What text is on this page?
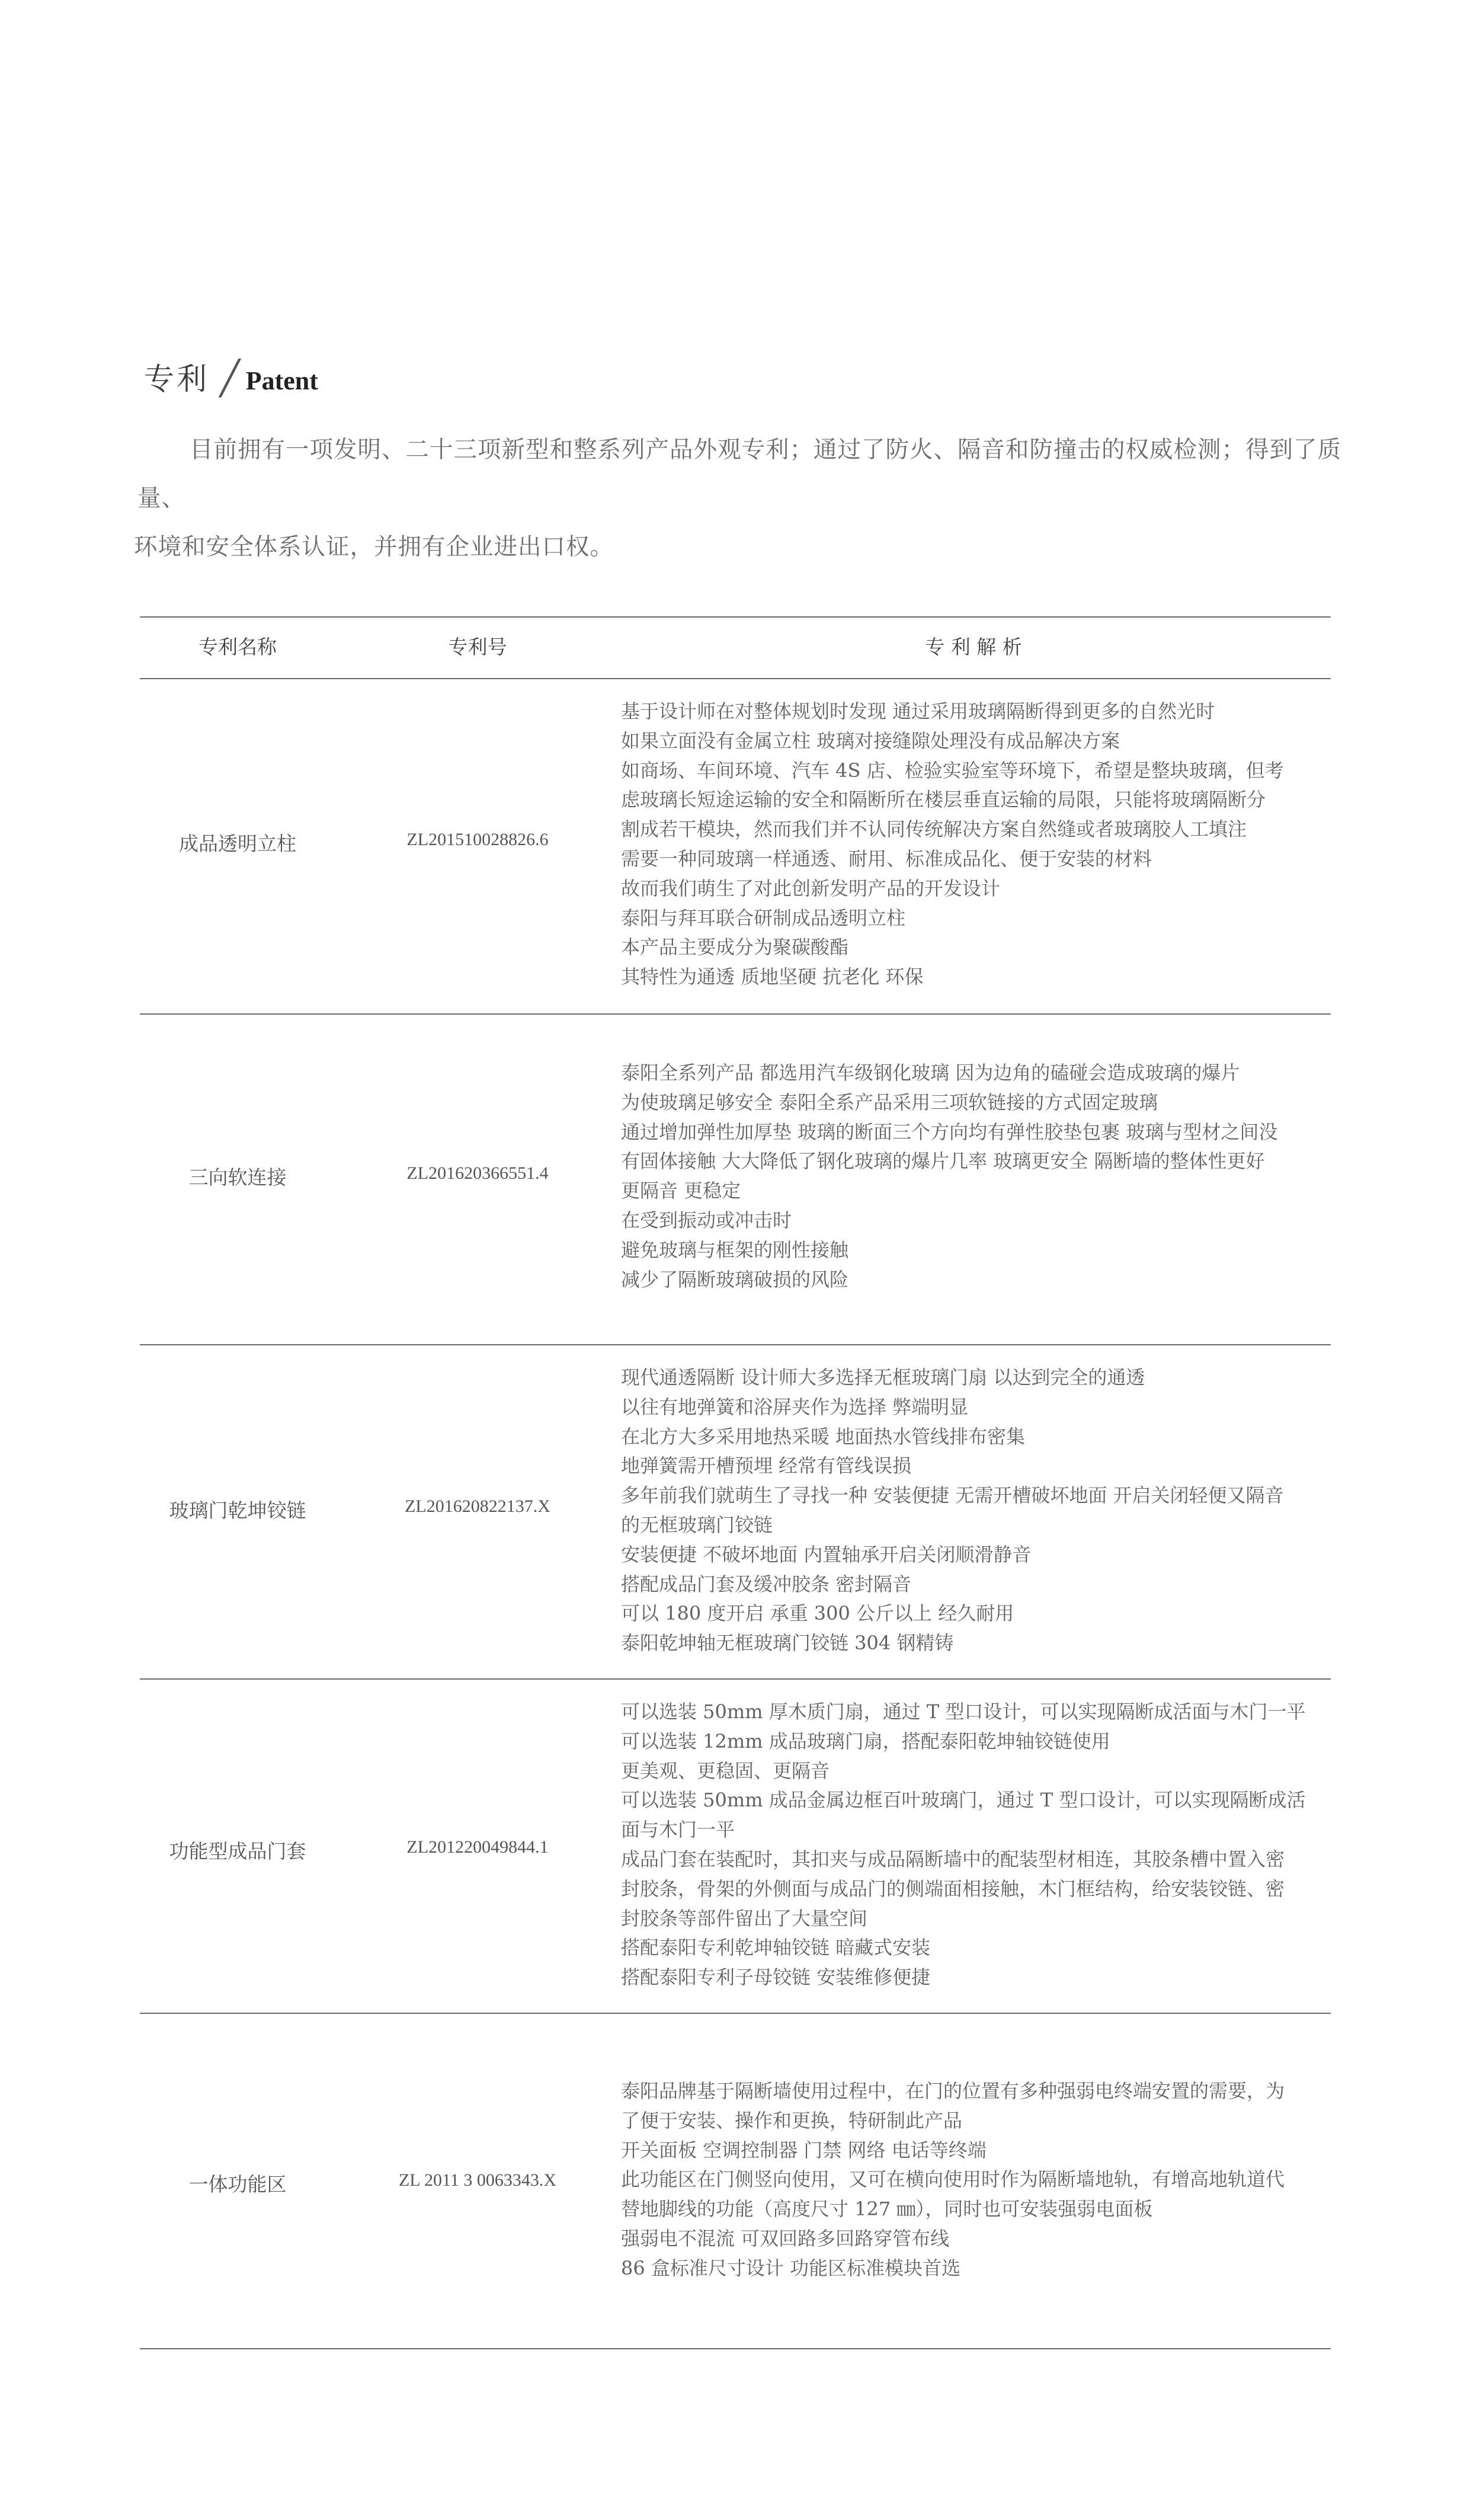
专利 ╱ Patent
目前拥有一项发明、二十三项新型和整系列产品外观专利；通过了防火、隔音和防撞击的权威检测；得到了质量、
环境和安全体系认证，并拥有企业进出口权。
专利名称	专利号	专 利 解 析
成品透明立柱	ZL201510028826.6
基于设计师在对整体规划时发现 通过采用玻璃隔断得到更多的自然光时
如果立面没有金属立柱 玻璃对接缝隙处理没有成品解决方案
如商场、车间环境、汽车 4S 店、检验实验室等环境下，希望是整块玻璃，但考
虑玻璃长短途运输的安全和隔断所在楼层垂直运输的局限，只能将玻璃隔断分
割成若干模块，然而我们并不认同传统解决方案自然缝或者玻璃胶人工填注
需要一种同玻璃一样通透、耐用、标准成品化、便于安装的材料
故而我们萌生了对此创新发明产品的开发设计
泰阳与拜耳联合研制成品透明立柱
本产品主要成分为聚碳酸酯
其特性为通透 质地坚硬 抗老化 环保
三向软连接	ZL201620366551.4
泰阳全系列产品 都选用汽车级钢化玻璃 因为边角的磕碰会造成玻璃的爆片
为使玻璃足够安全 泰阳全系产品采用三项软链接的方式固定玻璃
通过增加弹性加厚垫 玻璃的断面三个方向均有弹性胶垫包裹 玻璃与型材之间没
有固体接触 大大降低了钢化玻璃的爆片几率 玻璃更安全 隔断墙的整体性更好
更隔音 更稳定
在受到振动或冲击时
避免玻璃与框架的刚性接触
减少了隔断玻璃破损的风险
玻璃门乾坤铰链	ZL201620822137.X
现代通透隔断 设计师大多选择无框玻璃门扇 以达到完全的通透
以往有地弹簧和浴屏夹作为选择 弊端明显
在北方大多采用地热采暖 地面热水管线排布密集
地弹簧需开槽预埋 经常有管线误损
多年前我们就萌生了寻找一种 安装便捷 无需开槽破坏地面 开启关闭轻便又隔音
的无框玻璃门铰链
安装便捷 不破坏地面 内置轴承开启关闭顺滑静音
搭配成品门套及缓冲胶条 密封隔音
可以 180 度开启 承重 300 公斤以上 经久耐用
泰阳乾坤轴无框玻璃门铰链 304 钢精铸
功能型成品门套	ZL201220049844.1
可以选装 50mm 厚木质门扇，通过 T 型口设计，可以实现隔断成活面与木门一平
可以选装 12mm 成品玻璃门扇，搭配泰阳乾坤轴铰链使用
更美观、更稳固、更隔音
可以选装 50mm 成品金属边框百叶玻璃门，通过 T 型口设计，可以实现隔断成活
面与木门一平
成品门套在装配时，其扣夹与成品隔断墙中的配装型材相连，其胶条槽中置入密
封胶条，骨架的外侧面与成品门的侧端面相接触，木门框结构，给安装铰链、密
封胶条等部件留出了大量空间
搭配泰阳专利乾坤轴铰链 暗藏式安装
搭配泰阳专利子母铰链 安装维修便捷
一体功能区	ZL 2011 3 0063343.X
泰阳品牌基于隔断墙使用过程中，在门的位置有多种强弱电终端安置的需要，为
了便于安装、操作和更换，特研制此产品
开关面板 空调控制器 门禁 网络 电话等终端
此功能区在门侧竖向使用，又可在横向使用时作为隔断墙地轨，有增高地轨道代
替地脚线的功能（高度尺寸 127 ㎜），同时也可安装强弱电面板
强弱电不混流 可双回路多回路穿管布线
86 盒标准尺寸设计 功能区标准模块首选
